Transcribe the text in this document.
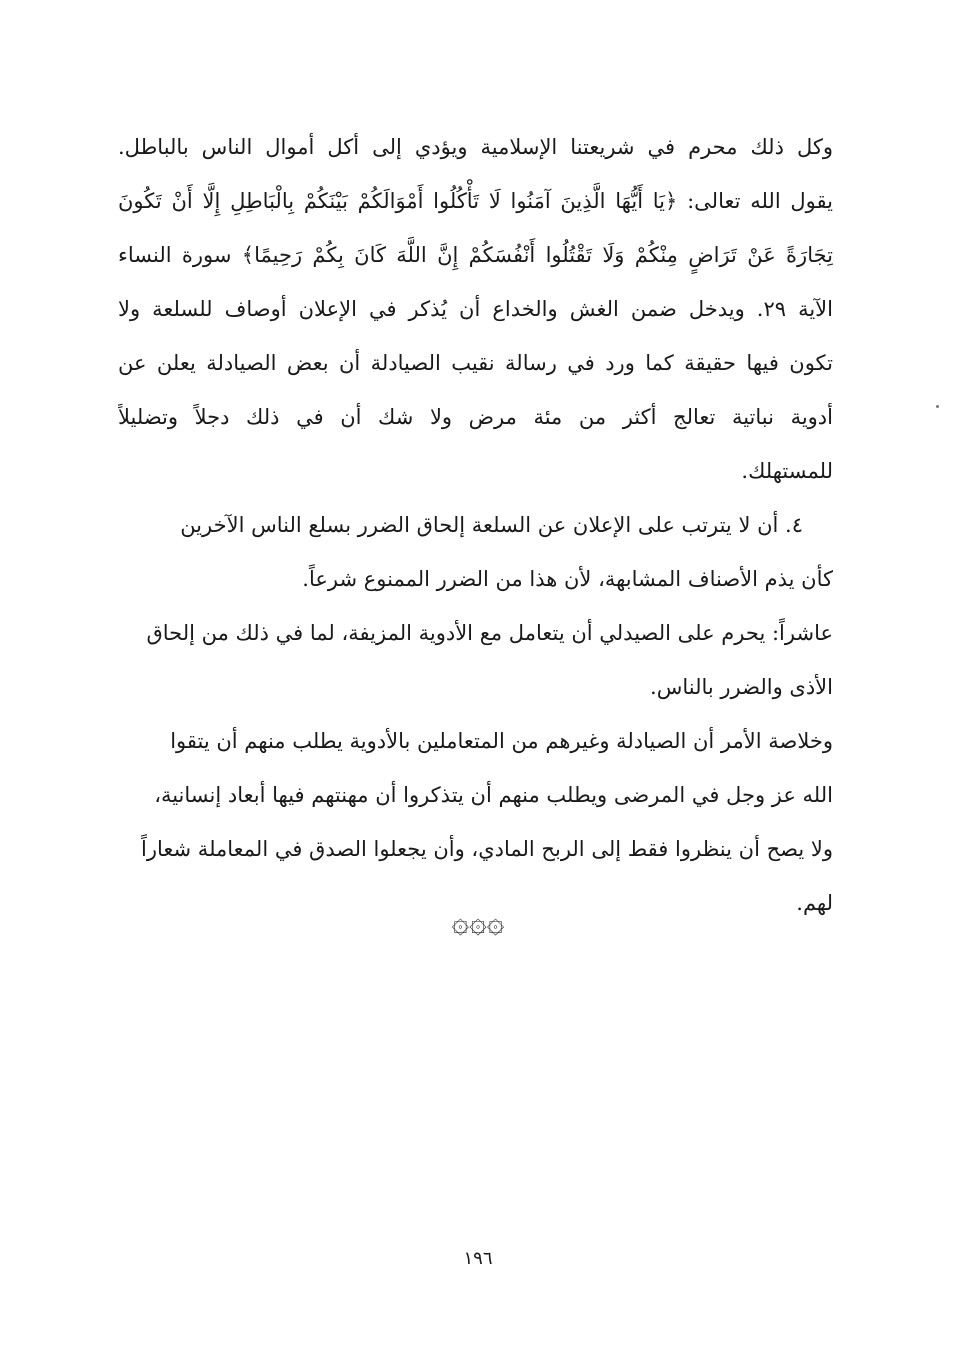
وكل ذلك محرم في شريعتنا الإسلامية ويؤدي إلى أكل أموال الناس بالباطل.
يقول الله تعالى: ﴿يَا أَيُّهَا الَّذِينَ آمَنُوا لَا تَأْكُلُوا أَمْوَالَكُمْ بَيْنَكُمْ بِالْبَاطِلِ إِلَّا أَنْ تَكُونَ
تِجَارَةً عَنْ تَرَاضٍ مِنْكُمْ وَلَا تَقْتُلُوا أَنْفُسَكُمْ إِنَّ اللَّهَ كَانَ بِكُمْ رَحِيمًا﴾ سورة النساء
الآية ٢٩. ويدخل ضمن الغش والخداع أن يُذكر في الإعلان أوصاف للسلعة ولا
تكون فيها حقيقة كما ورد في رسالة نقيب الصيادلة أن بعض الصيادلة يعلن عن
أدوية نباتية تعالج أكثر من مئة مرض ولا شك أن في ذلك دجلاً وتضليلاً
للمستهلك.
٤. أن لا يترتب على الإعلان عن السلعة إلحاق الضرر بسلع الناس الآخرين
كأن يذم الأصناف المشابهة، لأن هذا من الضرر الممنوع شرعاً.
عاشراً: يحرم على الصيدلي أن يتعامل مع الأدوية المزيفة، لما في ذلك من إلحاق
الأذى والضرر بالناس.
وخلاصة الأمر أن الصيادلة وغيرهم من المتعاملين بالأدوية يطلب منهم أن يتقوا
الله عز وجل في المرضى ويطلب منهم أن يتذكروا أن مهنتهم فيها أبعاد إنسانية،
ولا يصح أن ينظروا فقط إلى الربح المادي، وأن يجعلوا الصدق في المعاملة شعاراً
لهم.
۞۞۞
١٩٦
